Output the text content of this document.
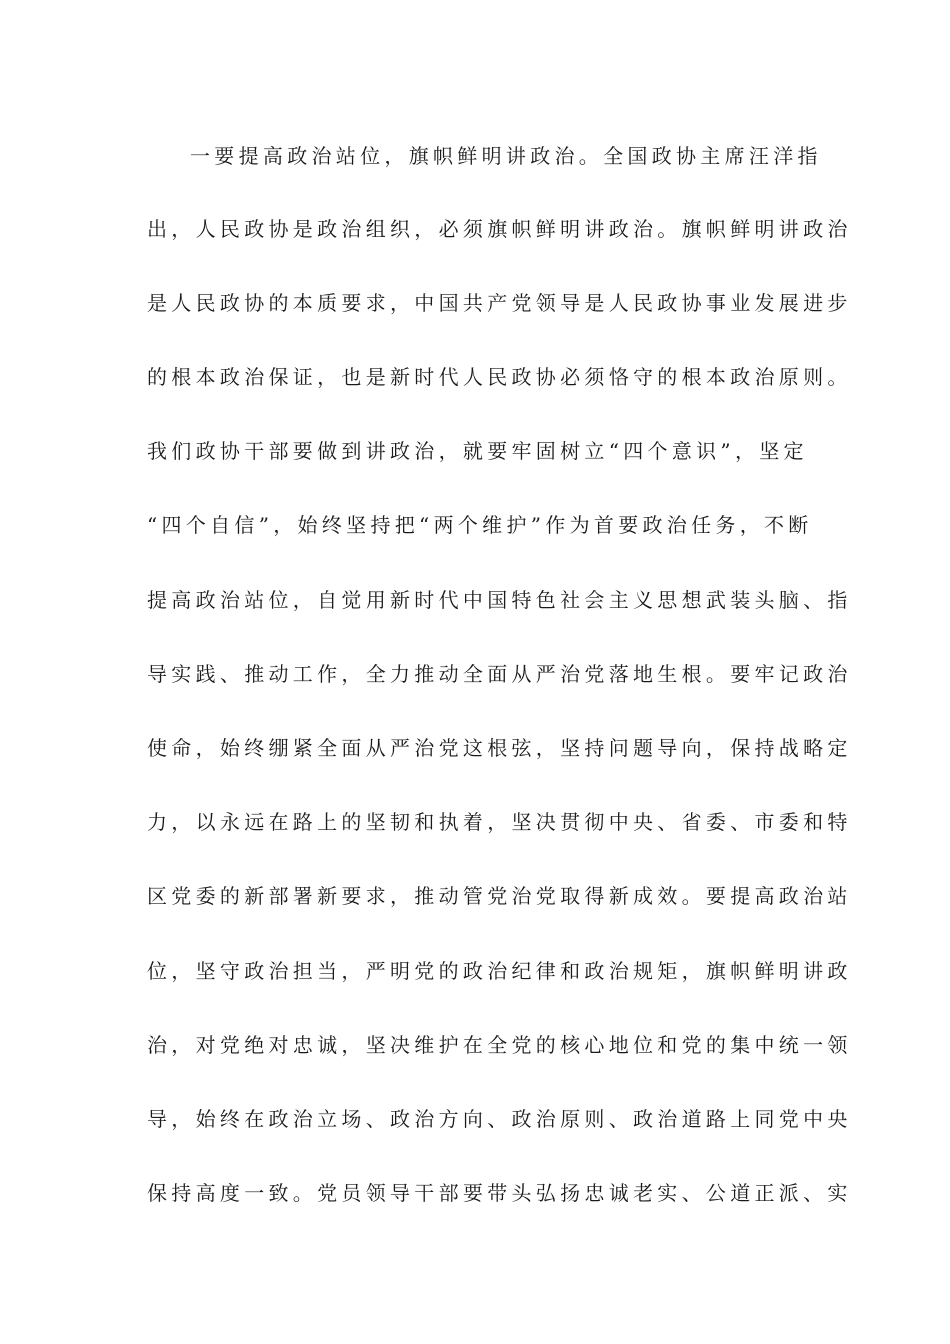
一要提高政治站位，旗帜鲜明讲政治。全国政协主席汪洋指
出，人民政协是政治组织，必须旗帜鲜明讲政治。旗帜鲜明讲政治
是人民政协的本质要求，中国共产党领导是人民政协事业发展进步
的根本政治保证，也是新时代人民政协必须恪守的根本政治原则。
我们政协干部要做到讲政治，就要牢固树立“四个意识”，坚定
“四个自信”，始终坚持把“两个维护”作为首要政治任务，不断
提高政治站位，自觉用新时代中国特色社会主义思想武装头脑、指
导实践、推动工作，全力推动全面从严治党落地生根。要牢记政治
使命，始终绷紧全面从严治党这根弦，坚持问题导向，保持战略定
力，以永远在路上的坚韧和执着，坚决贯彻中央、省委、市委和特
区党委的新部署新要求，推动管党治党取得新成效。要提高政治站
位，坚守政治担当，严明党的政治纪律和政治规矩，旗帜鲜明讲政
治，对党绝对忠诚，坚决维护在全党的核心地位和党的集中统一领
导，始终在政治立场、政治方向、政治原则、政治道路上同党中央
保持高度一致。党员领导干部要带头弘扬忠诚老实、公道正派、实
